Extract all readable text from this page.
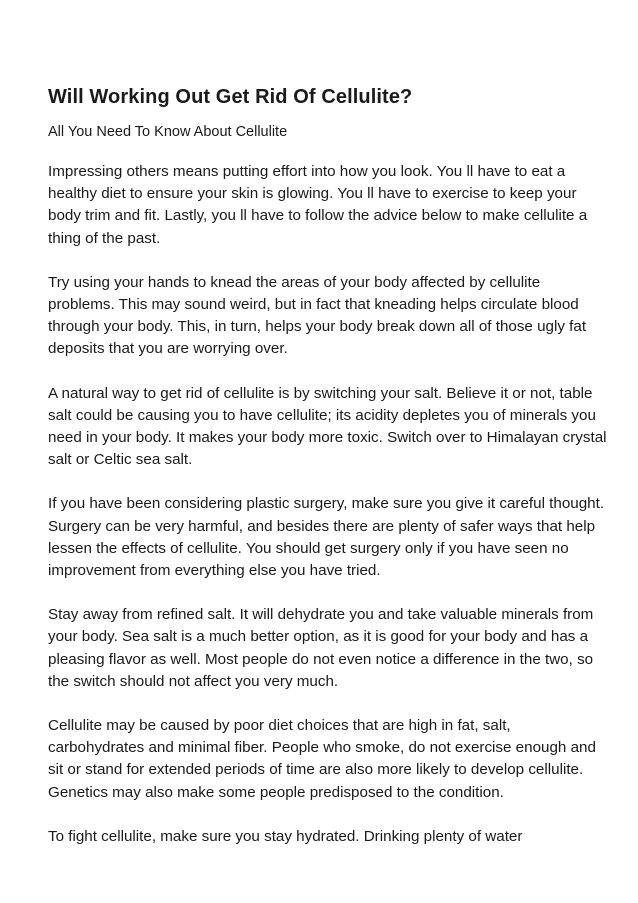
Will Working Out Get Rid Of Cellulite?

All You Need To Know About Cellulite

Impressing others means putting effort into how you look. You ll have to eat a healthy diet to ensure your skin is glowing. You ll have to exercise to keep your body trim and fit. Lastly, you ll have to follow the advice below to make cellulite a thing of the past.

Try using your hands to knead the areas of your body affected by cellulite problems. This may sound weird, but in fact that kneading helps circulate blood through your body. This, in turn, helps your body break down all of those ugly fat deposits that you are worrying over.

A natural way to get rid of cellulite is by switching your salt. Believe it or not, table salt could be causing you to have cellulite; its acidity depletes you of minerals you need in your body. It makes your body more toxic. Switch over to Himalayan crystal salt or Celtic sea salt.

If you have been considering plastic surgery, make sure you give it careful thought. Surgery can be very harmful, and besides there are plenty of safer ways that help lessen the effects of cellulite. You should get surgery only if you have seen no improvement from everything else you have tried.

Stay away from refined salt. It will dehydrate you and take valuable minerals from your body. Sea salt is a much better option, as it is good for your body and has a pleasing flavor as well. Most people do not even notice a difference in the two, so the switch should not affect you very much.

Cellulite may be caused by poor diet choices that are high in fat, salt, carbohydrates and minimal fiber. People who smoke, do not exercise enough and sit or stand for extended periods of time are also more likely to develop cellulite. Genetics may also make some people predisposed to the condition.

To fight cellulite, make sure you stay hydrated. Drinking plenty of water
